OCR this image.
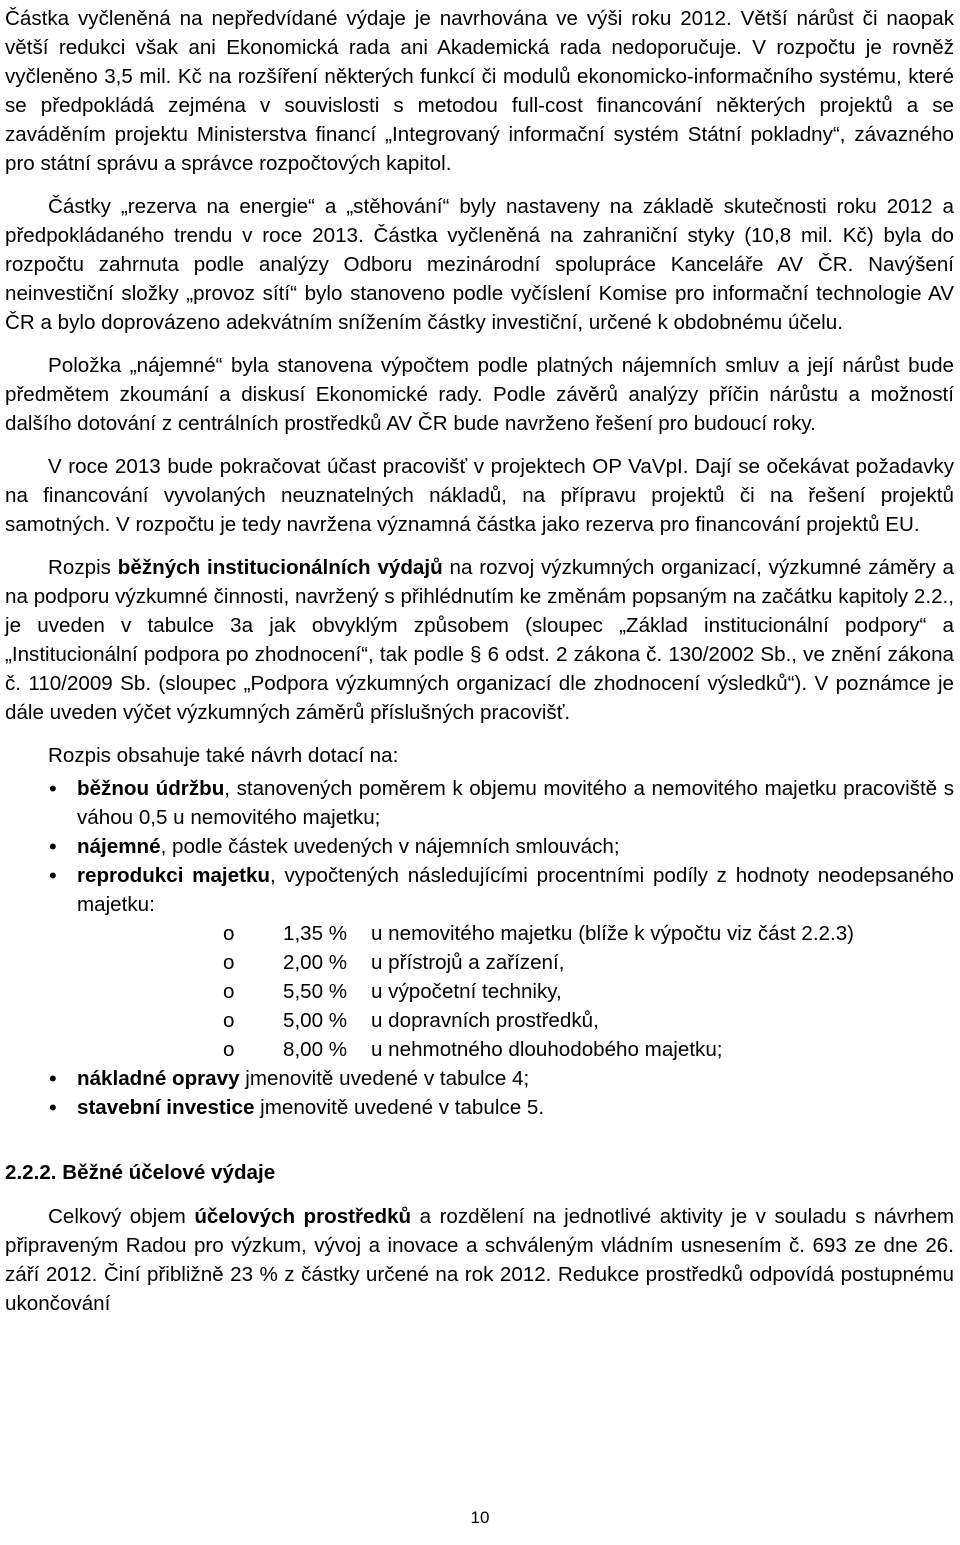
Částka vyčleněná na nepředvídané výdaje je navrhována ve výši roku 2012. Větší nárůst či naopak větší redukci však ani Ekonomická rada ani Akademická rada nedoporučuje. V rozpočtu je rovněž vyčleněno 3,5 mil. Kč na rozšíření některých funkcí či modulů ekonomicko-informačního systému, které se předpokládá zejména v souvislosti s metodou full-cost financování některých projektů a se zaváděním projektu Ministerstva financí „Integrovaný informační systém Státní pokladny“, závazného pro státní správu a správce rozpočtových kapitol.

Částky „rezerva na energie“ a „stěhování“ byly nastaveny na základě skutečnosti roku 2012 a předpokládaného trendu v roce 2013. Částka vyčleněná na zahraniční styky (10,8 mil. Kč) byla do rozpočtu zahrnuta podle analýzy Odboru mezinárodní spolupráce Kanceláře AV ČR. Navýšení neinvestiční složky „provoz sítí“ bylo stanoveno podle vyčíslení Komise pro informační technologie AV ČR a bylo doprovázeno adekvátním snížením částky investiční, určené k obdobnému účelu.

Položka „nájemné“ byla stanovena výpočtem podle platných nájemních smluv a její nárůst bude předmětem zkoumání a diskusí Ekonomické rady. Podle závěrů analýzy příčin nárůstu a možností dalšího dotování z centrálních prostředků AV ČR bude navrženo řešení pro budoucí roky.

V roce 2013 bude pokračovat účast pracovišť v projektech OP VaVpI. Dají se očekávat požadavky na financování vyvolaných neuznatelných nákladů, na přípravu projektů či na řešení projektů samotných. V rozpočtu je tedy navržena významná částka jako rezerva pro financování projektů EU.

Rozpis běžných institucionálních výdajů na rozvoj výzkumných organizací, výzkumné záměry a na podporu výzkumné činnosti, navržený s přihlédnutím ke změnám popsaným na začátku kapitoly 2.2., je uveden v tabulce 3a jak obvyklým způsobem (sloupec „Základ institucionální podpory“ a „Institucionální podpora po zhodnocení“, tak podle § 6 odst. 2 zákona č. 130/2002 Sb., ve znění zákona č. 110/2009 Sb. (sloupec „Podpora výzkumných organizací dle zhodnocení výsledků“). V poznámce je dále uveden výčet výzkumných záměrů příslušných pracovišť.

Rozpis obsahuje také návrh dotací na:

• běžnou údržbu, stanovených poměrem k objemu movitého a nemovitého majetku pracoviště s váhou 0,5 u nemovitého majetku;
• nájemné, podle částek uvedených v nájemních smlouvách;
• reprodukci majetku, vypočtených následujícími procentními podíly z hodnoty neodepsaného majetku:
o 1,35 % u nemovitého majetku (blíže k výpočtu viz část 2.2.3)
o 2,00 % u přístrojů a zařízení,
o 5,50 % u výpočetní techniky,
o 5,00 % u dopravních prostředků,
o 8,00 % u nehmotného dlouhodobého majetku;
• nákladné opravy jmenovitě uvedené v tabulce 4;
• stavební investice jmenovitě uvedené v tabulce 5.
2.2.2. Běžné účelové výdaje

Celkový objem účelových prostředků a rozdělení na jednotlivé aktivity je v souladu s návrhem připraveným Radou pro výzkum, vývoj a inovace a schváleným vládním usnesením č. 693 ze dne 26. září 2012. Činí přibližně 23 % z částky určené na rok 2012. Redukce prostředků odpovídá postupnému ukončování

10
